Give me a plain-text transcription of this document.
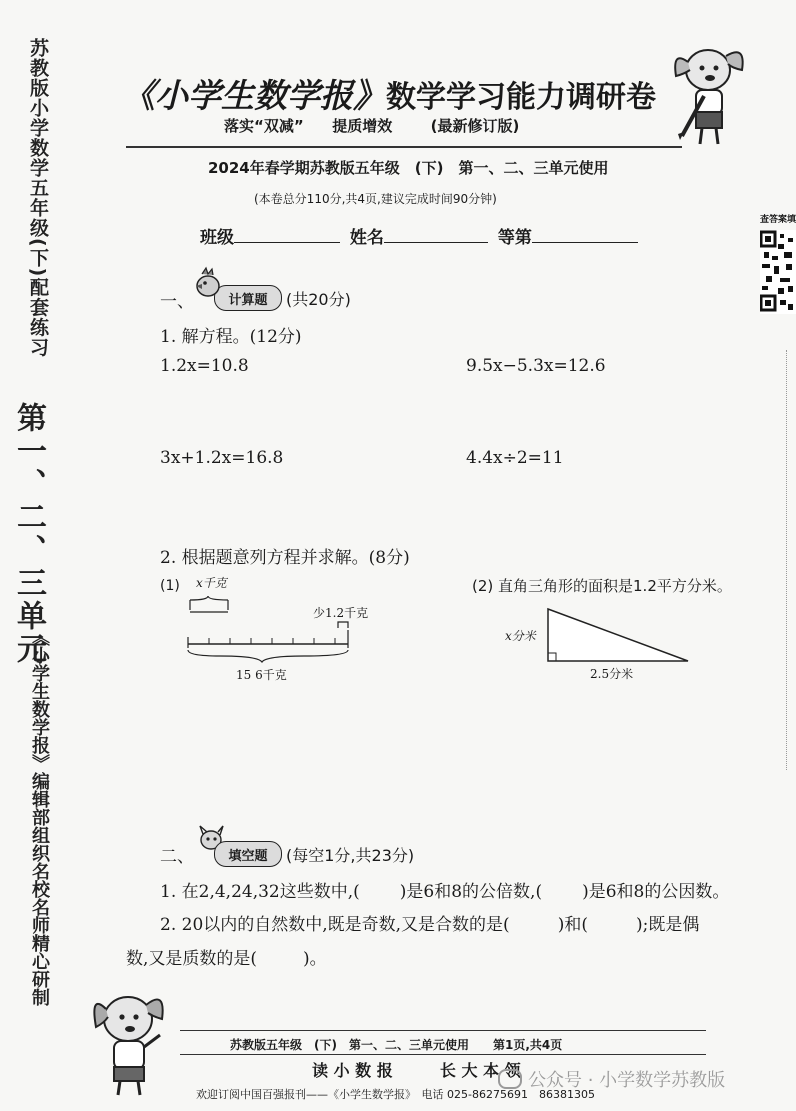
苏教版小学数学五年级(下)配套练习
第一、二、三单元
《小学生数学报》编辑部组织名校名师精心研制
《小学生数学报》数学学习能力调研卷
落实“双减” 提质增效	(最新修订版)
2024年春学期苏教版五年级　(下)　第一、二、三单元使用
(本卷总分110分,共4页,建议完成时间90分钟)
班级	姓名	等第
查答案填
一、	计算题	(共20分)
1. 解方程。(12分)
1.2x=10.8	9.5x−5.3x=12.6
3x+1.2x=16.8	4.4x÷2=11
2. 根据题意列方程并求解。(8分)
(1) x千克
少1.2千克
15 6千克
(2) 直角三角形的面积是1.2平方分米。
x分米
2.5分米
二、	填空题	(每空1分,共23分)
1. 在2,4,24,32这些数中,( )是6和8的公倍数,( )是6和8的公因数。
2. 20以内的自然数中,既是奇数,又是合数的是(	)和(	);既是偶
数,又是质数的是(	)。
苏教版五年级　(下)　第一、二、三单元使用　　第1页,共4页
读 小 数 报	长 大 本 领
欢迎订阅中国百强报刊——《小学生数学报》　电话 025-86275691　86381305
公众号 · 小学数学苏教版
